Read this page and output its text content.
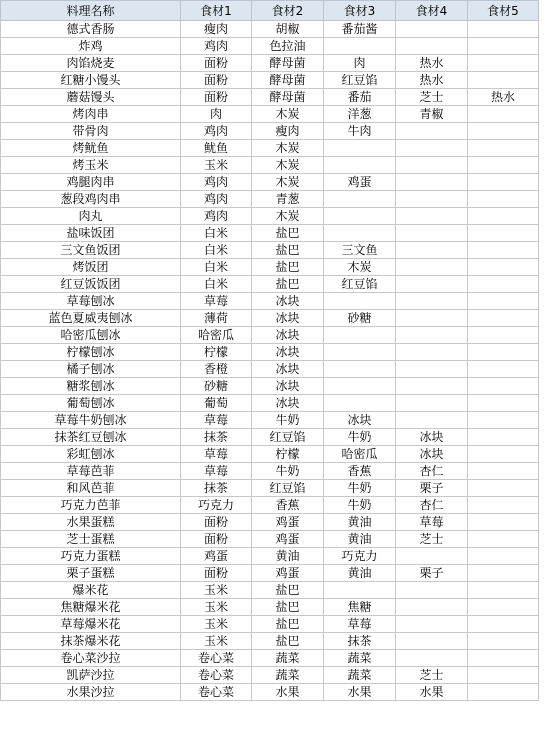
料理名称	食材1	食材2	食材3	食材4	食材5
德式香肠	瘦肉	胡椒	番茄酱		
炸鸡	鸡肉	色拉油			
肉馅烧麦	面粉	酵母菌	肉	热水	
红糖小馒头	面粉	酵母菌	红豆馅	热水	
蘑菇馒头	面粉	酵母菌	番茄	芝士	热水
烤肉串	肉	木炭	洋葱	青椒	
带骨肉	鸡肉	瘦肉	牛肉		
烤鱿鱼	鱿鱼	木炭			
烤玉米	玉米	木炭			
鸡腿肉串	鸡肉	木炭	鸡蛋		
葱段鸡肉串	鸡肉	青葱			
肉丸	鸡肉	木炭			
盐味饭团	白米	盐巴			
三文鱼饭团	白米	盐巴	三文鱼		
烤饭团	白米	盐巴	木炭		
红豆饭饭团	白米	盐巴	红豆馅		
草莓刨冰	草莓	冰块			
蓝色夏威夷刨冰	薄荷	冰块	砂糖		
哈密瓜刨冰	哈密瓜	冰块			
柠檬刨冰	柠檬	冰块			
橘子刨冰	香橙	冰块			
糖浆刨冰	砂糖	冰块			
葡萄刨冰	葡萄	冰块			
草莓牛奶刨冰	草莓	牛奶	冰块		
抹茶红豆刨冰	抹茶	红豆馅	牛奶	冰块	
彩虹刨冰	草莓	柠檬	哈密瓜	冰块	
草莓芭菲	草莓	牛奶	香蕉	杏仁	
和风芭菲	抹茶	红豆馅	牛奶	栗子	
巧克力芭菲	巧克力	香蕉	牛奶	杏仁	
水果蛋糕	面粉	鸡蛋	黄油	草莓	
芝士蛋糕	面粉	鸡蛋	黄油	芝士	
巧克力蛋糕	鸡蛋	黄油	巧克力		
栗子蛋糕	面粉	鸡蛋	黄油	栗子	
爆米花	玉米	盐巴			
焦糖爆米花	玉米	盐巴	焦糖		
草莓爆米花	玉米	盐巴	草莓		
抹茶爆米花	玉米	盐巴	抹茶		
卷心菜沙拉	卷心菜	蔬菜	蔬菜		
凯萨沙拉	卷心菜	蔬菜	蔬菜	芝士	
水果沙拉	卷心菜	水果	水果	水果	
